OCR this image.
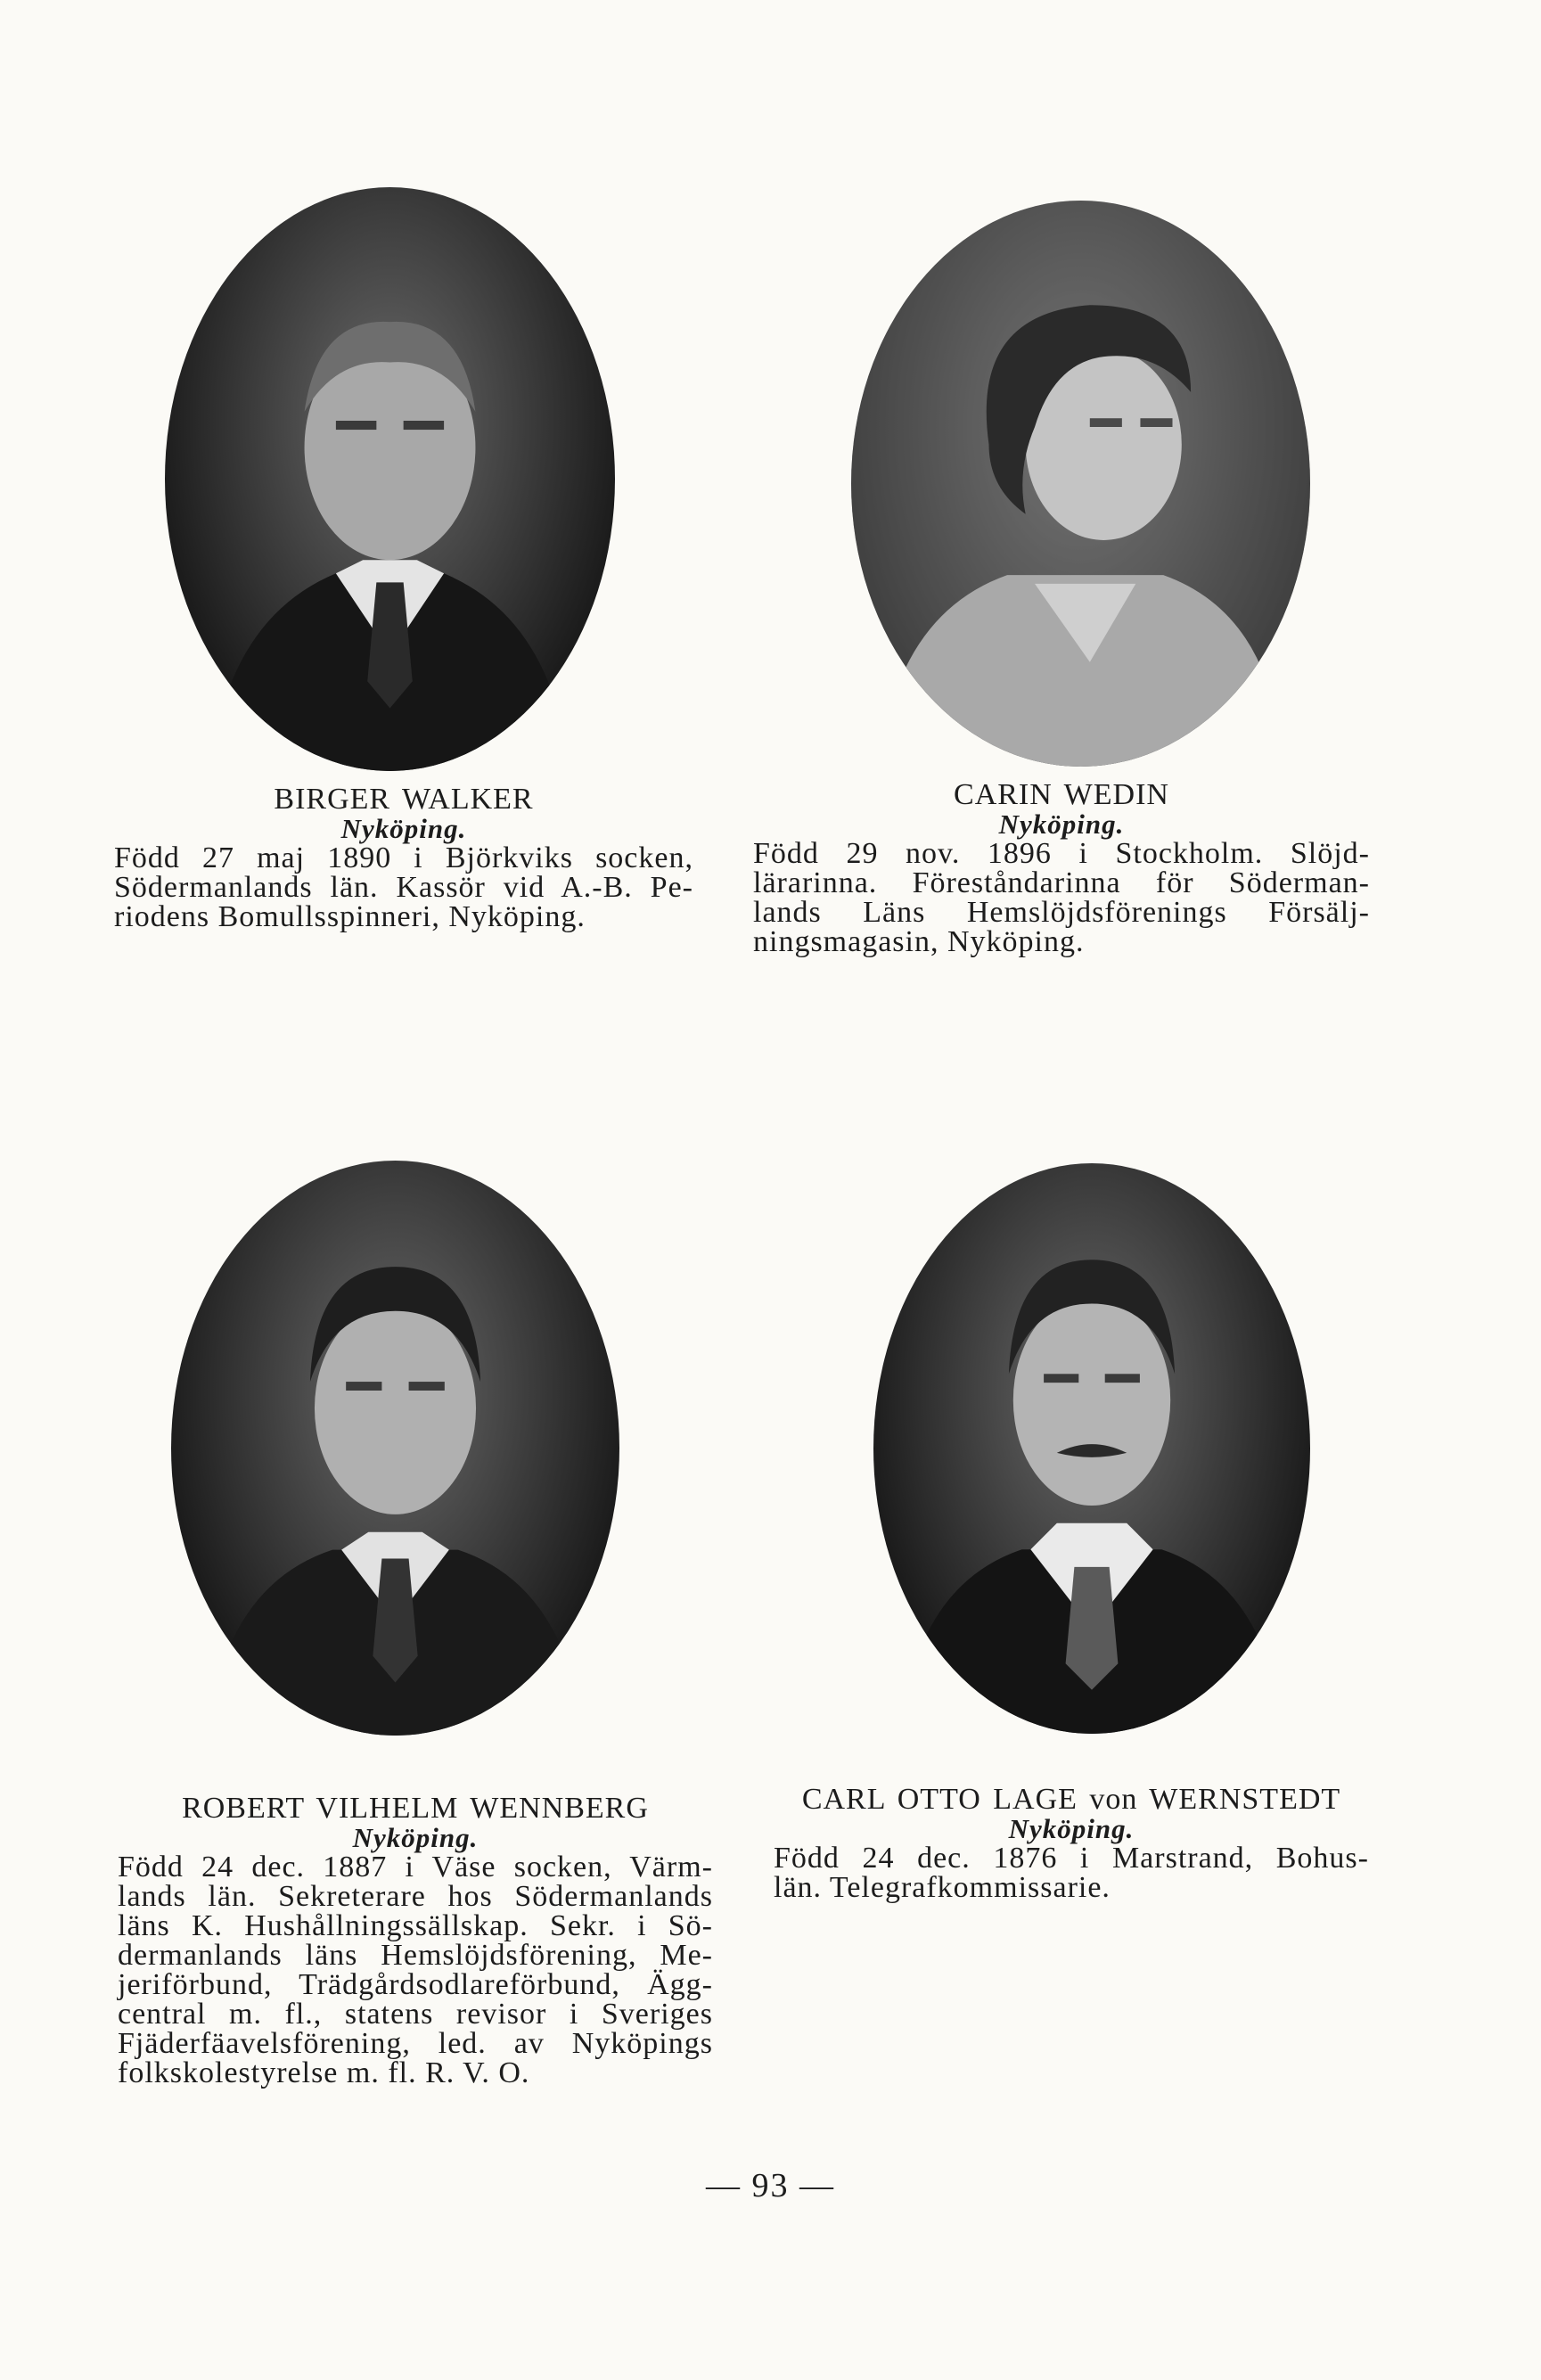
BIRGER WALKER
Nyköping.
Född 27 maj 1890 i Björkviks socken,
Södermanlands län. Kassör vid A.-B. Pe-
riodens Bomullsspinneri, Nyköping.
CARIN WEDIN
Nyköping.
Född 29 nov. 1896 i Stockholm. Slöjd-
lärarinna. Föreståndarinna för Söderman-
lands Läns Hemslöjdsförenings Försälj-
ningsmagasin, Nyköping.
ROBERT VILHELM WENNBERG
Nyköping.
Född 24 dec. 1887 i Väse socken, Värm-
lands län. Sekreterare hos Södermanlands
läns K. Hushållningssällskap. Sekr. i Sö-
dermanlands läns Hemslöjdsförening, Me-
jeriförbund, Trädgårdsodlareförbund, Ägg-
central m. fl., statens revisor i Sveriges
Fjäderfäavelsförening, led. av Nyköpings
folkskolestyrelse m. fl. R. V. O.
CARL OTTO LAGE von WERNSTEDT
Nyköping.
Född 24 dec. 1876 i Marstrand, Bohus-
län. Telegrafkommissarie.
— 93 —
